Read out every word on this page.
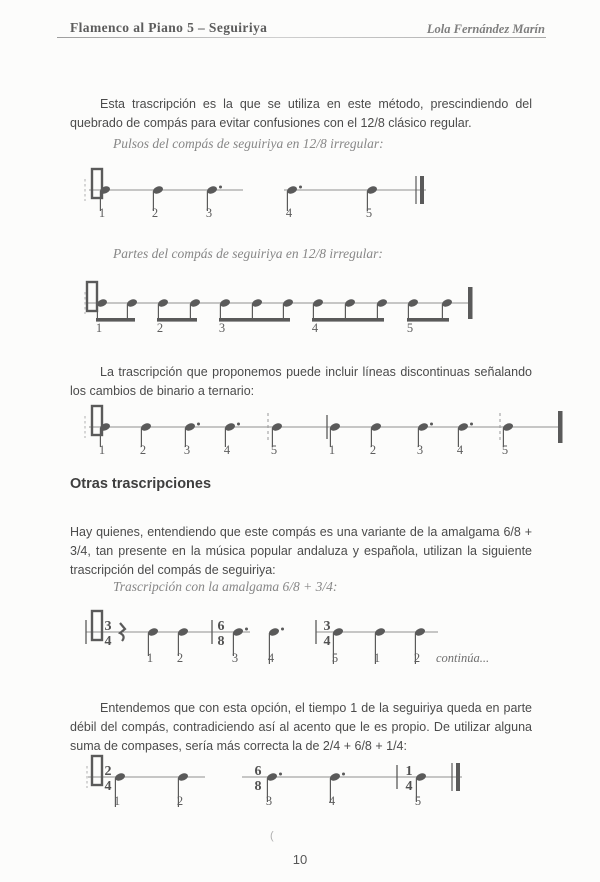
Flamenco al Piano 5 – Seguiriya	Lola Fernández Marín

Esta trascripción es la que se utiliza en este método, prescindiendo del quebrado de compás para evitar confusiones con el 12/8 clásico regular.

Pulsos del compás de seguiriya en 12/8 irregular:
1	2	3	4	5
Partes del compás de seguiriya en 12/8 irregular:
1	2	3	4	5

La trascripción que proponemos puede incluir líneas discontinuas señalando los cambios de binario a ternario:

1	2	3	4	5	1	2	3	4	5
Otras trascripciones

Hay quienes, entendiendo que este compás es una variante de la amalgama 6/8 + 3/4, tan presente en la música popular andaluza y española, utilizan la siguiente trascripción del compás de seguiriya:

Trascripción con la amalgama 6/8 + 3/4:
3
4
6
8
3
4
1 2	3 4	5	1	2 continúa...

Entendemos que con esta opción, el tiempo 1 de la seguiriya queda en parte débil del compás, contradiciendo así al acento que le es propio. De utilizar alguna suma de compases, sería más correcta la de 2/4 + 6/8 + 1/4:

2
4
6
8
1
4
1	2	3	4	5
(
10
